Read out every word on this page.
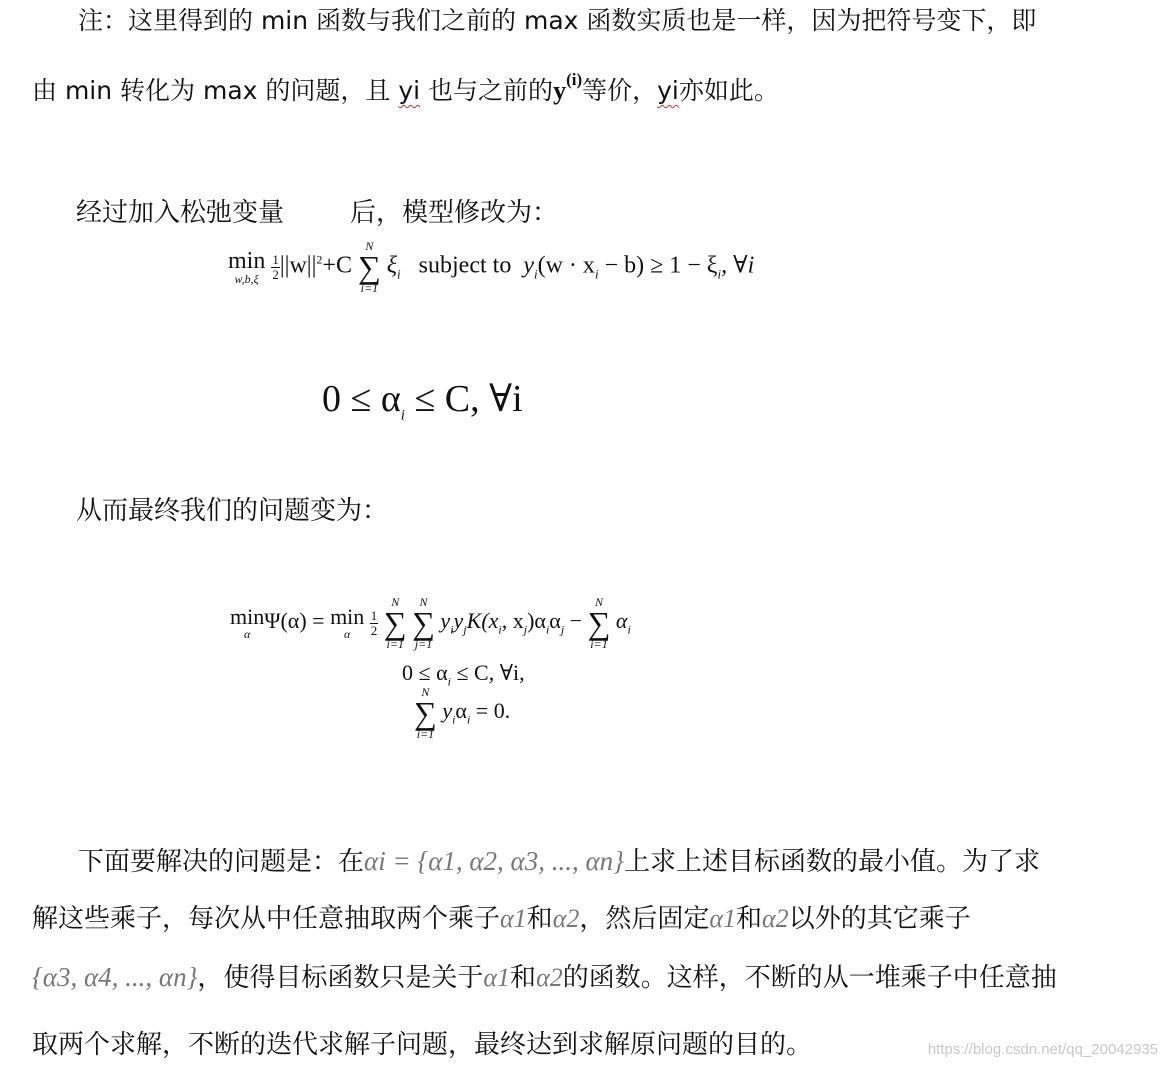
注：这里得到的 min 函数与我们之前的 max 函数实质也是一样，因为把符号变下，即
由 min 转化为 max 的问题，且 yi 也与之前的$y^{(i)}$等价，yi亦如此。
经过加入松弛变量	后，模型修改为：
min
w,b,ξ
$\frac{1}{2} ||w||^2+C$
N
∑
i=1
$\xi_i$ subject to $y_i(w \cdot x_i - b) \ge 1 - \xi_i$, ∀i
$0 \le \alpha_i \le C$, ∀i
从而最终我们的问题变为：
min
α
Ψ(α) = min
α
	$\frac{1}{2}$

N
∑
i=1

N
∑
j=1
$y_iy_jK(x_i$, $x_j)\alpha_i\alpha_j$ −
N
∑
i=1
$\alpha_i$
$0 \le \alpha_i \le C$, ∀i,
N
∑
i=1
$y_i\alpha_i = 0$.
下面要解决的问题是：在αi = {α1, α2, α3, ..., αn}上求上述目标函数的最小值。为了求
解这些乘子，每次从中任意抽取两个乘子α1和α2，然后固定α1和α2以外的其它乘子
{α3, α4, ..., αn}，使得目标函数只是关于α1和α2的函数。这样，不断的从一堆乘子中任意抽
取两个求解，不断的迭代求解子问题，最终达到求解原问题的目的。	https://blog.csdn.net/qq_20042935
